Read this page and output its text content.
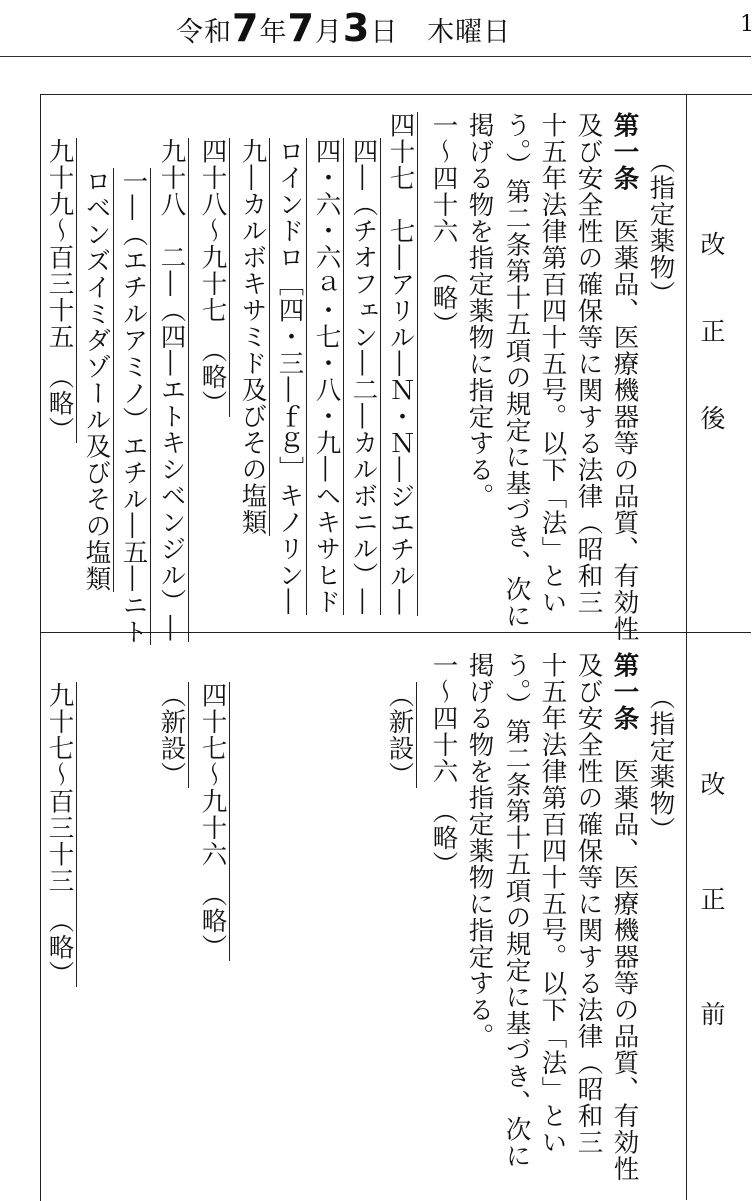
令和7年7月3日 木曜日	1
改
正
後
改
正
前
（指定薬物）
第一条　医薬品、医療機器等の品質、有効性
及び安全性の確保等に関する法律（昭和三
十五年法律第百四十五号。以下「法」とい
う。）第二条第十五項の規定に基づき、次に
掲げる物を指定薬物に指定する。
一～四十六　（略）
四十七　七―アリル―Ｎ・Ｎ―ジエチル―
四―（チオフェン―二―カルボニル）―
四・六・六ａ・七・八・九―ヘキサヒド
ロインドロ［四・三―ｆｇ］キノリン―
九―カルボキサミド及びその塩類
四十八～九十七　（略）
九十八　二―（四―エトキシベンジル）―
一―（エチルアミノ）エチル―五―ニト
ロベンズイミダゾール及びその塩類
九十九～百三十五　（略）
（指定薬物）
第一条　医薬品、医療機器等の品質、有効性
及び安全性の確保等に関する法律（昭和三
十五年法律第百四十五号。以下「法」とい
う。）第二条第十五項の規定に基づき、次に
掲げる物を指定薬物に指定する。
一～四十六　（略）
（新設）
四十七～九十六　（略）
（新設）
九十七～百三十三　（略）
